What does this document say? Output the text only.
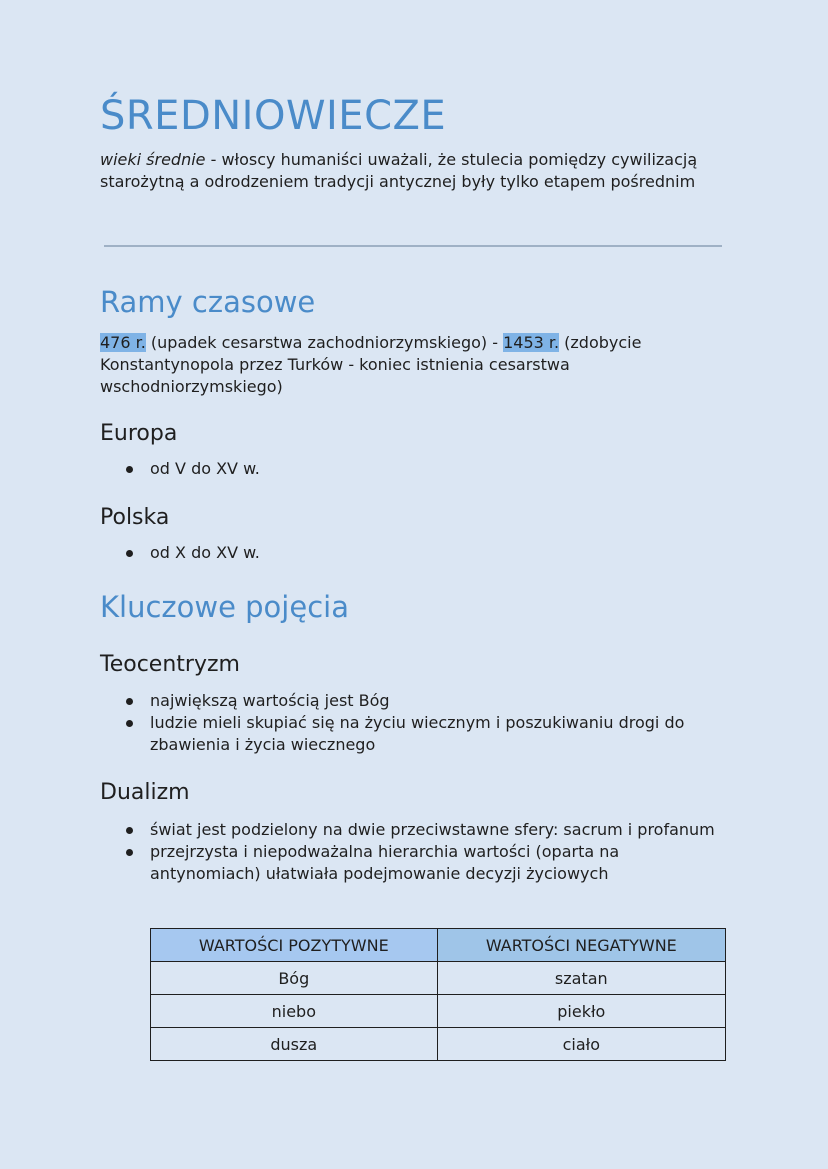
ŚREDNIOWIECZE

wieki średnie - włoscy humaniści uważali, że stulecia pomiędzy cywilizacją starożytną a odrodzeniem tradycji antycznej były tylko etapem pośrednim

Ramy czasowe

476 r. (upadek cesarstwa zachodniorzymskiego) - 1453 r. (zdobycie Konstantynopola przez Turków - koniec istnienia cesarstwa wschodniorzymskiego)

Europa
od V do XV w.
Polska
od X do XV w.
Kluczowe pojęcia
Teocentryzm
największą wartością jest Bóg
ludzie mieli skupiać się na życiu wiecznym i poszukiwaniu drogi do zbawienia i życia wiecznego
Dualizm
świat jest podzielony na dwie przeciwstawne sfery: sacrum i profanum
przejrzysta i niepodważalna hierarchia wartości (oparta na antynomiach) ułatwiała podejmowanie decyzji życiowych
WARTOŚCI POZYTYWNE	WARTOŚCI NEGATYWNE
Bóg	szatan
niebo	piekło
dusza	ciało
